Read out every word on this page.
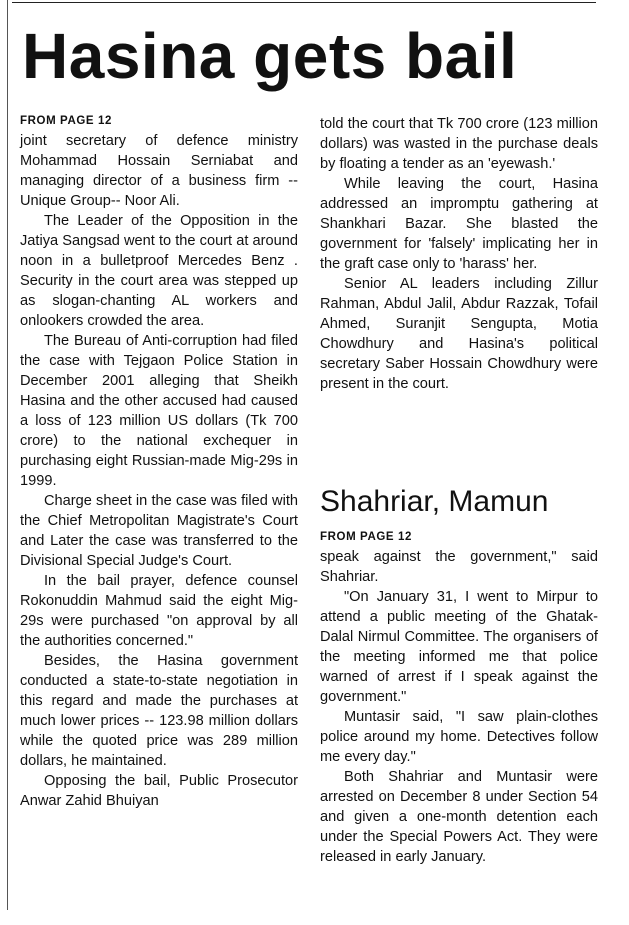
Hasina gets bail
FROM PAGE 12

joint secretary of defence ministry Mohammad Hossain Serniabat and managing director of a business firm -- Unique Group-- Noor Ali.

The Leader of the Opposition in the Jatiya Sangsad went to the court at around noon in a bulletproof Mercedes Benz . Security in the court area was stepped up as slogan-chanting AL workers and onlookers crowded the area.

The Bureau of Anti-corruption had filed the case with Tejgaon Police Station in December 2001 alleging that Sheikh Hasina and the other accused had caused a loss of 123 million US dollars (Tk 700 crore) to the national exchequer in purchasing eight Russian-made Mig-29s in 1999.

Charge sheet in the case was filed with the Chief Metropolitan Magistrate's Court and Later the case was transferred to the Divisional Special Judge's Court.

In the bail prayer, defence counsel Rokonuddin Mahmud said the eight Mig-29s were purchased "on approval by all the authorities concerned."

Besides, the Hasina government conducted a state-to-state negotiation in this regard and made the purchases at much lower prices -- 123.98 million dollars while the quoted price was 289 million dollars, he maintained.

Opposing the bail, Public Prosecutor Anwar Zahid Bhuiyan

told the court that Tk 700 crore (123 million dollars) was wasted in the purchase deals by floating a tender as an 'eyewash.'

While leaving the court, Hasina addressed an impromptu gathering at Shankhari Bazar. She blasted the government for 'falsely' implicating her in the graft case only to 'harass' her.

Senior AL leaders including Zillur Rahman, Abdul Jalil, Abdur Razzak, Tofail Ahmed, Suranjit Sengupta, Motia Chowdhury and Hasina's political secretary Saber Hossain Chowdhury were present in the court.

Shahriar, Mamun
FROM PAGE 12

speak against the government," said Shahriar.

"On January 31, I went to Mirpur to attend a public meeting of the Ghatak-Dalal Nirmul Committee. The organisers of the meeting informed me that police warned of arrest if I speak against the government."

Muntasir said, "I saw plain-clothes police around my home. Detectives follow me every day."

Both Shahriar and Muntasir were arrested on December 8 under Section 54 and given a one-month detention each under the Special Powers Act. They were released in early January.
